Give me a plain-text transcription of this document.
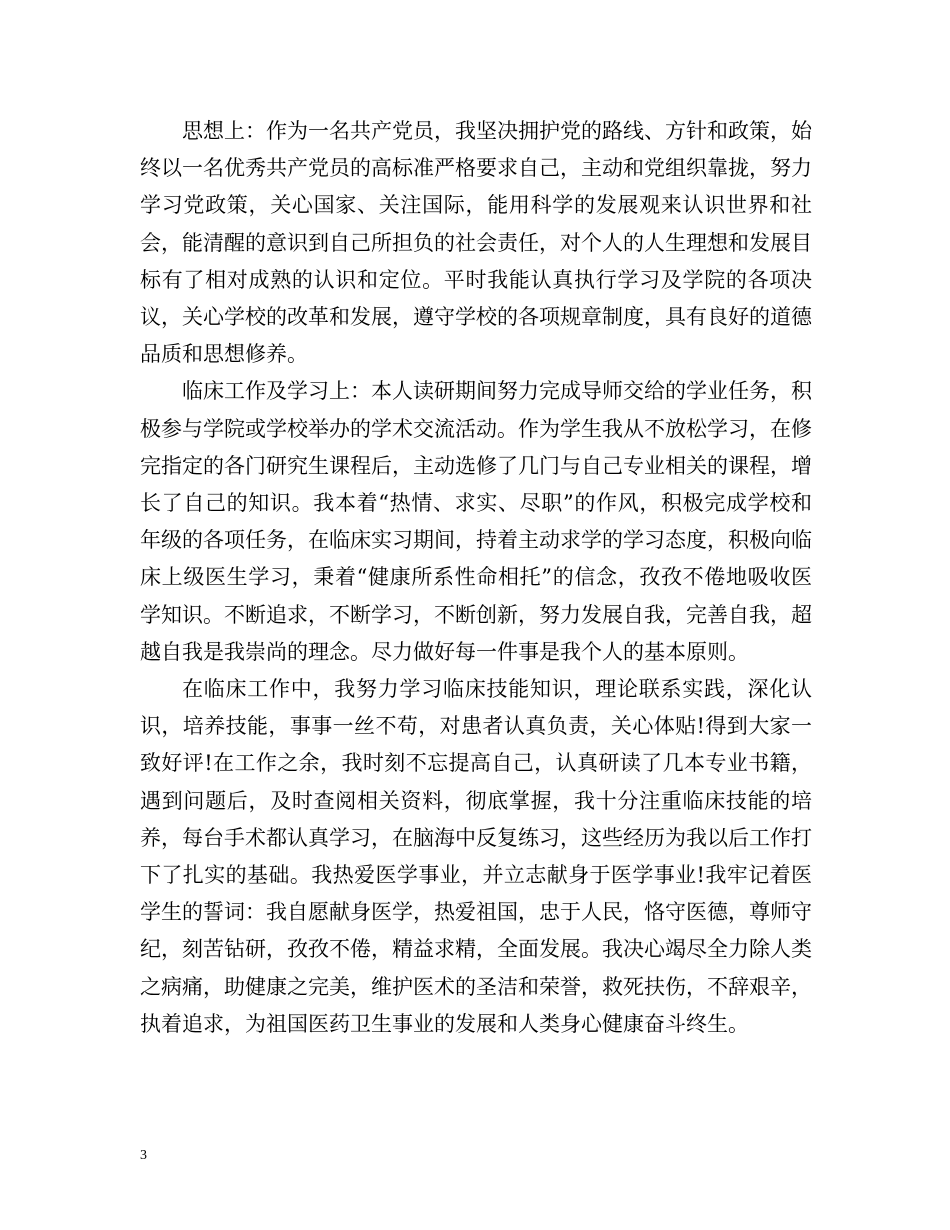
思想上：作为一名共产党员，我坚决拥护党的路线、方针和政策，始终以一名优秀共产党员的高标准严格要求自己，主动和党组织靠拢，努力学习党政策，关心国家、关注国际，能用科学的发展观来认识世界和社会，能清醒的意识到自己所担负的社会责任，对个人的人生理想和发展目标有了相对成熟的认识和定位。平时我能认真执行学习及学院的各项决议，关心学校的改革和发展，遵守学校的各项规章制度，具有良好的道德品质和思想修养。

临床工作及学习上：本人读研期间努力完成导师交给的学业任务，积极参与学院或学校举办的学术交流活动。作为学生我从不放松学习，在修完指定的各门研究生课程后，主动选修了几门与自己专业相关的课程，增长了自己的知识。我本着“热情、求实、尽职”的作风，积极完成学校和年级的各项任务，在临床实习期间，持着主动求学的学习态度，积极向临床上级医生学习，秉着“健康所系性命相托”的信念，孜孜不倦地吸收医学知识。不断追求，不断学习，不断创新，努力发展自我，完善自我，超越自我是我崇尚的理念。尽力做好每一件事是我个人的基本原则。

在临床工作中，我努力学习临床技能知识，理论联系实践，深化认识，培养技能，事事一丝不苟，对患者认真负责，关心体贴!得到大家一致好评!在工作之余，我时刻不忘提高自己，认真研读了几本专业书籍，遇到问题后，及时查阅相关资料，彻底掌握，我十分注重临床技能的培养，每台手术都认真学习，在脑海中反复练习，这些经历为我以后工作打下了扎实的基础。我热爱医学事业，并立志献身于医学事业!我牢记着医学生的誓词：我自愿献身医学，热爱祖国，忠于人民，恪守医德，尊师守纪，刻苦钻研，孜孜不倦，精益求精，全面发展。我决心竭尽全力除人类之病痛，助健康之完美，维护医术的圣洁和荣誉，救死扶伤，不辞艰辛，执着追求，为祖国医药卫生事业的发展和人类身心健康奋斗终生。

3
